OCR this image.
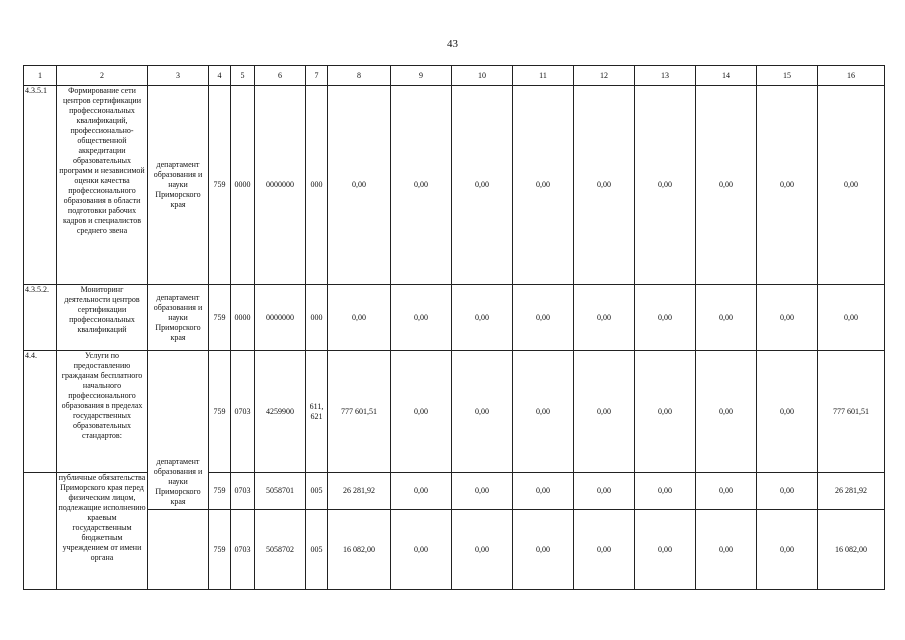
43
1	2	3	4	5	6	7	8	9	10	11	12	13	14	15	16
4.3.5.1	Формирование сети центров сертификации профессиональных квалификаций, профессионально-общественной аккредитации образовательных программ и независимой оценки качества профессионального образования в области подготовки рабочих кадров и специалистов среднего звена	департамент образования и науки Приморского края	759	0000	0000000	000	0,00	0,00	0,00	0,00	0,00	0,00	0,00	0,00	0,00
4.3.5.2.	Мониторинг деятельности центров сертификации профессиональных квалификаций	департамент образования и науки Приморского края	759	0000	0000000	000	0,00	0,00	0,00	0,00	0,00	0,00	0,00	0,00	0,00
4.4.	Услуги по предоставлению гражданам бесплатного начального профессионального образования в пределах государственных образовательных стандартов:	департамент образования и науки Приморского края	759	0703	4259900	611, 621	777 601,51	0,00	0,00	0,00	0,00	0,00	0,00	0,00	777 601,51
	публичные обязательства Приморского края перед физическим лицом, подлежащие исполнению краевым государственным бюджетным учреждением от имени органа		759	0703	5058701	005	26 281,92	0,00	0,00	0,00	0,00	0,00	0,00	0,00	26 281,92
			759	0703	5058702	005	16 082,00	0,00	0,00	0,00	0,00	0,00	0,00	0,00	16 082,00
